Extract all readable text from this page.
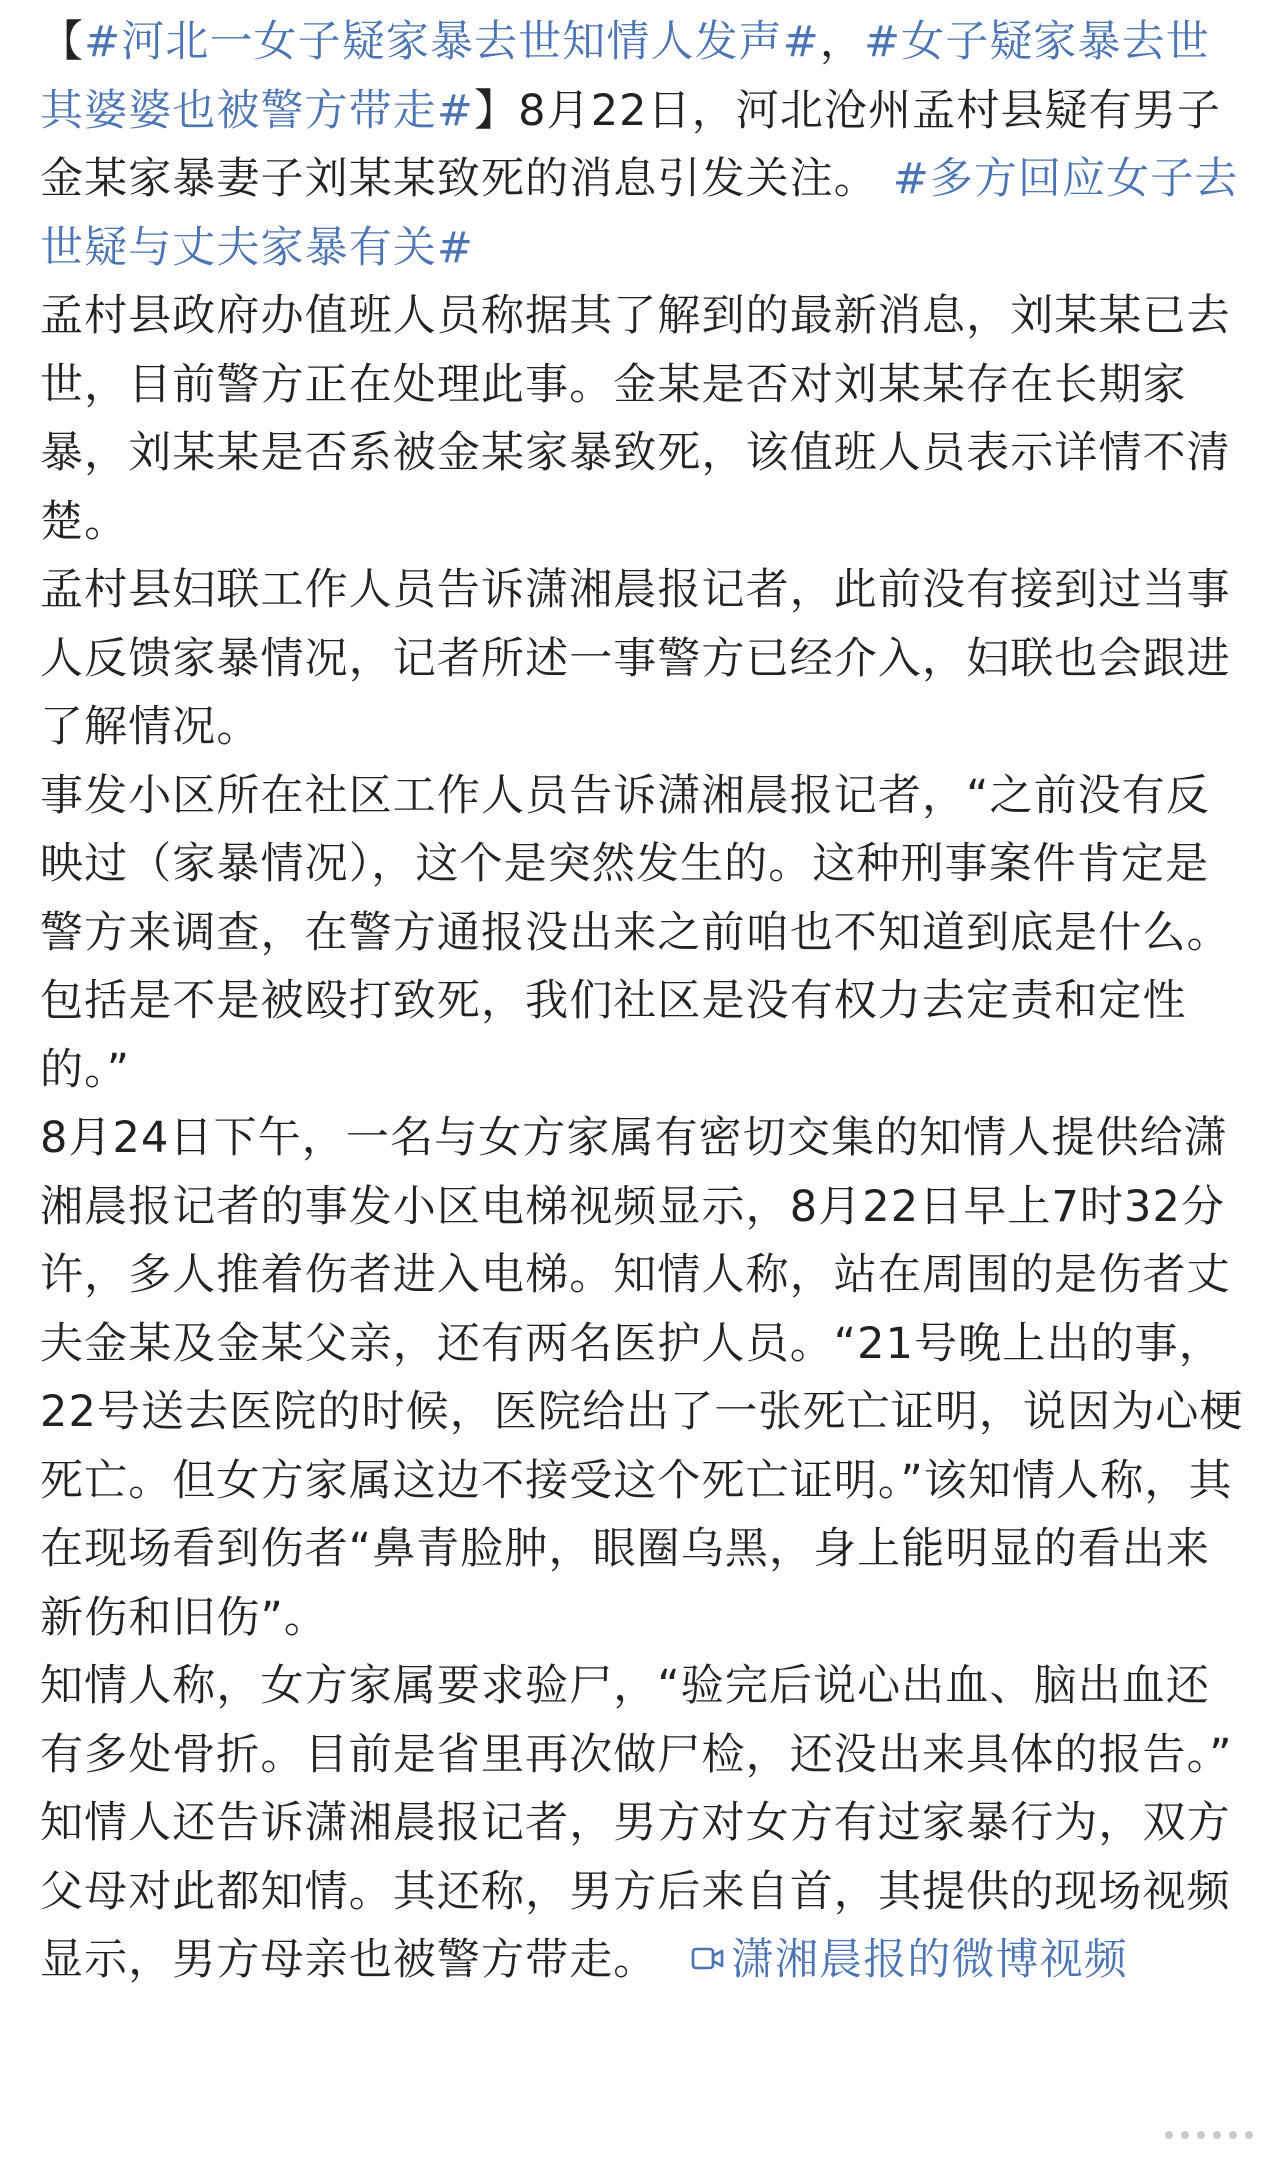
【#河北一女子疑家暴去世知情人发声#，#女子疑家暴去世其婆婆也被警方带走#】8月22日，河北沧州孟村县疑有男子金某家暴妻子刘某某致死的消息引发关注。 #多方回应女子去世疑与丈夫家暴有关#

孟村县政府办值班人员称据其了解到的最新消息，刘某某已去世，目前警方正在处理此事。金某是否对刘某某存在长期家暴，刘某某是否系被金某家暴致死，该值班人员表示详情不清楚。

孟村县妇联工作人员告诉潇湘晨报记者，此前没有接到过当事人反馈家暴情况，记者所述一事警方已经介入，妇联也会跟进了解情况。

事发小区所在社区工作人员告诉潇湘晨报记者，“之前没有反映过（家暴情况），这个是突然发生的。这种刑事案件肯定是警方来调查，在警方通报没出来之前咱也不知道到底是什么。包括是不是被殴打致死，我们社区是没有权力去定责和定性的。”

8月24日下午，一名与女方家属有密切交集的知情人提供给潇湘晨报记者的事发小区电梯视频显示，8月22日早上7时32分许，多人推着伤者进入电梯。知情人称，站在周围的是伤者丈夫金某及金某父亲，还有两名医护人员。“21号晚上出的事，22号送去医院的时候，医院给出了一张死亡证明，说因为心梗死亡。但女方家属这边不接受这个死亡证明。”该知情人称，其在现场看到伤者“鼻青脸肿，眼圈乌黑，身上能明显的看出来新伤和旧伤”。

知情人称，女方家属要求验尸，“验完后说心出血、脑出血还有多处骨折。目前是省里再次做尸检，还没出来具体的报告。”

知情人还告诉潇湘晨报记者，男方对女方有过家暴行为，双方父母对此都知情。其还称，男方后来自首，其提供的现场视频显示，男方母亲也被警方带走。 潇湘晨报的微博视频
